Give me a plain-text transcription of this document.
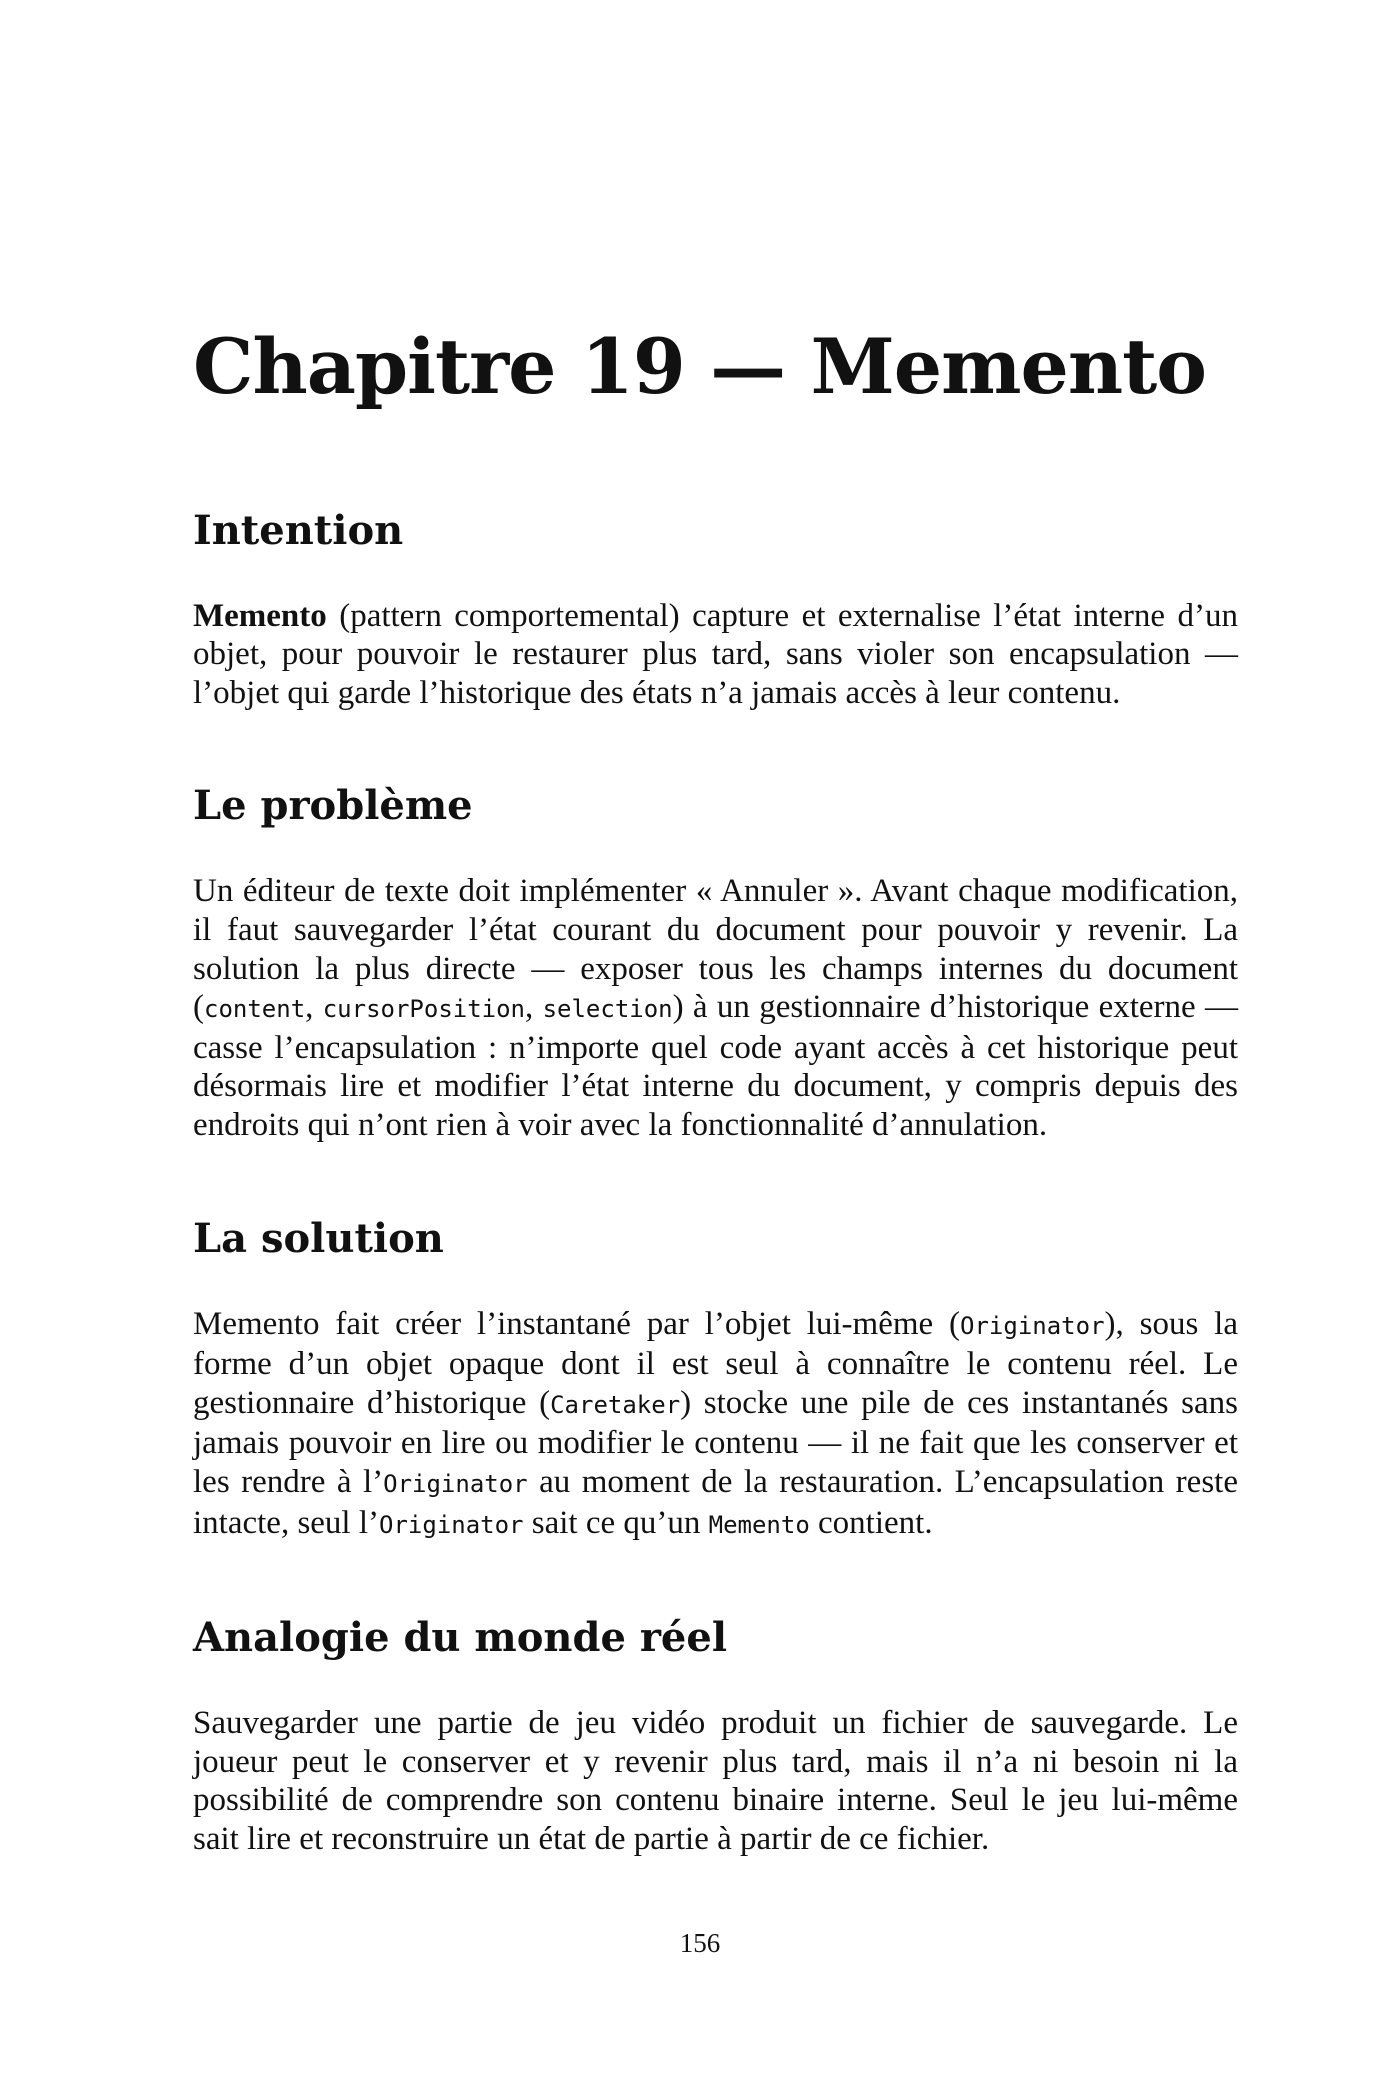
Chapitre 19 — Memento
Intention

Memento (pattern comportemental) capture et externalise l’état interne d’un objet, pour pouvoir le restaurer plus tard, sans violer son encapsulation — l’objet qui garde l’historique des états n’a jamais accès à leur contenu.

Le problème

Un éditeur de texte doit implémenter « Annuler ». Avant chaque modification, il faut sauvegarder l’état courant du document pour pouvoir y revenir. La solution la plus directe — exposer tous les champs internes du document (content, cursorPosition, selection) à un gestionnaire d’historique externe — casse l’encapsulation : n’importe quel code ayant accès à cet historique peut désormais lire et modifier l’état interne du document, y compris depuis des endroits qui n’ont rien à voir avec la fonctionnalité d’annulation.

La solution

Memento fait créer l’instantané par l’objet lui-même (Originator), sous la forme d’un objet opaque dont il est seul à connaître le contenu réel. Le gestionnaire d’historique (Caretaker) stocke une pile de ces instantanés sans jamais pouvoir en lire ou modifier le contenu — il ne fait que les conserver et les rendre à l’Originator au moment de la restauration. L’encapsulation reste intacte, seul l’Originator sait ce qu’un Memento contient.

Analogie du monde réel

Sauvegarder une partie de jeu vidéo produit un fichier de sauvegarde. Le joueur peut le conserver et y revenir plus tard, mais il n’a ni besoin ni la possibilité de comprendre son contenu binaire interne. Seul le jeu lui-même sait lire et reconstruire un état de partie à partir de ce fichier.

156
